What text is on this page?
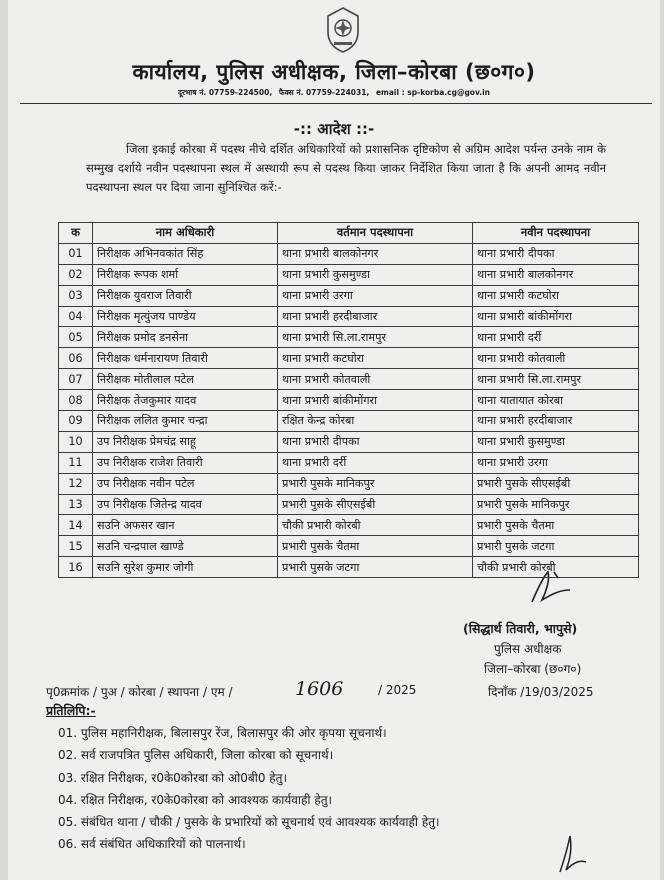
कार्यालय, पुलिस अधीक्षक, जिला–कोरबा (छ०ग०)
दूरभाष नं. 07759-224500, फैक्स नं. 07759-224031, email : sp-korba.cg@gov.in
-:: आदेश ::-
जिला इकाई कोरबा में पदस्थ नीचे दर्शित अधिकारियों को प्रशासनिक दृष्टिकोण से अग्रिम आदेश पर्यन्त उनके नाम के सम्मुख दर्शाये नवीन पदस्थापना स्थल में अस्थायी रूप से पदस्थ किया जाकर निर्देशित किया जाता है कि अपनी आमद नवीन पदस्थापना स्थल पर दिया जाना सुनिश्चित करें:-
क	नाम अधिकारी	वर्तमान पदस्थापना	नवीन पदस्थापना
01	निरीक्षक अभिनवकांत सिंह	थाना प्रभारी बालकोनगर	थाना प्रभारी दीपका
02	निरीक्षक रूपक शर्मा	थाना प्रभारी कुसमुण्डा	थाना प्रभारी बालकोनगर
03	निरीक्षक युवराज तिवारी	थाना प्रभारी उरगा	थाना प्रभारी कटघोरा
04	निरीक्षक मृत्युंजय पाण्डेय	थाना प्रभारी हरदीबाजार	थाना प्रभारी बांकीमोंगरा
05	निरीक्षक प्रमोद डनसेना	थाना प्रभारी सि.ला.रामपुर	थाना प्रभारी दर्री
06	निरीक्षक धर्मनारायण तिवारी	थाना प्रभारी कटघोरा	थाना प्रभारी कोतवाली
07	निरीक्षक मोतीलाल पटेल	थाना प्रभारी कोतवाली	थाना प्रभारी सि.ला.रामपुर
08	निरीक्षक तेजकुमार यादव	थाना प्रभारी बांकीमोंगरा	थाना यातायात कोरबा
09	निरीक्षक ललित कुमार चन्द्रा	रक्षित केन्द्र कोरबा	थाना प्रभारी हरदीबाजार
10	उप निरीक्षक प्रेमचंद्र साहू	थाना प्रभारी दीपका	थाना प्रभारी कुसमुण्डा
11	उप निरीक्षक राजेश तिवारी	थाना प्रभारी दर्री	थाना प्रभारी उरगा
12	उप निरीक्षक नवीन पटेल	प्रभारी पुसके मानिकपुर	प्रभारी पुसके सीएसईबी
13	उप निरीक्षक जितेन्द्र यादव	प्रभारी पुसके सीएसईबी	प्रभारी पुसके मानिकपुर
14	सउनि अफसर खान	चौकी प्रभारी कोरबी	प्रभारी पुसके चैतमा
15	सउनि चन्द्रपाल खाण्डे	प्रभारी पुसके चैतमा	प्रभारी पुसके जटगा
16	सउनि सुरेश कुमार जोगी	प्रभारी पुसके जटगा	चौकी प्रभारी कोरबी
(सिद्धार्थ तिवारी, भापुसे)
पुलिस अधीक्षक
जिला–कोरबा (छ०ग०)
पृ0क्रमांक / पुअ / कोरबा / स्थापना / एम /	1606	/ 2025	दिनाँक /19/03/2025
प्रतिलिपि:-
01. पुलिस महानिरीक्षक, बिलासपुर रेंज, बिलासपुर की ओर कृपया सूचनार्थ।
02. सर्व राजपत्रित पुलिस अधिकारी, जिला कोरबा को सूचनार्थ।
03. रक्षित निरीक्षक, र0के0कोरबा को ओ0बी0 हेतु।
04. रक्षित निरीक्षक, र0के0कोरबा को आवश्यक कार्यवाही हेतु।
05. संबंधित थाना / चौकी / पुसके के प्रभारियों को सूचनार्थ एवं आवश्यक कार्यवाही हेतु।
06. सर्व संबंधित अधिकारियों को पालनार्थ।
